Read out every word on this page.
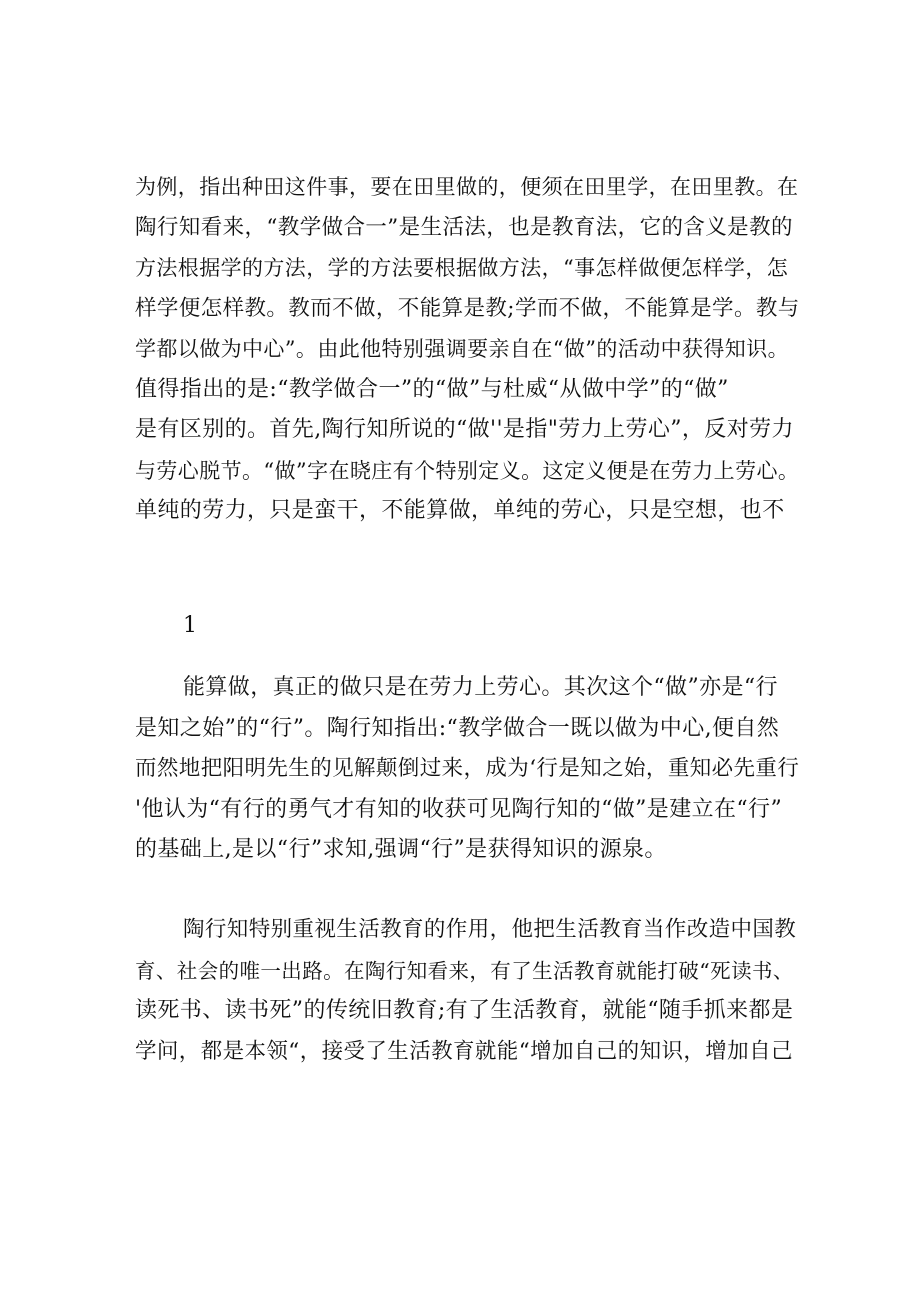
为例，指出种田这件事，要在田里做的，便须在田里学，在田里教。在
陶行知看来，“教学做合一”是生活法，也是教育法，它的含义是教的
方法根据学的方法，学的方法要根据做方法，“事怎样做便怎样学，怎
样学便怎样教。教而不做，不能算是教;学而不做，不能算是学。教与
学都以做为中心”。由此他特别强调要亲自在“做”的活动中获得知识。
值得指出的是:“教学做合一”的“做”与杜威“从做中学”的“做”
是有区别的。首先,陶行知所说的“做''是指"劳力上劳心”，反对劳力
与劳心脱节。“做”字在晓庄有个特别定义。这定义便是在劳力上劳心。
单纯的劳力，只是蛮干，不能算做，单纯的劳心，只是空想，也不
1
能算做，真正的做只是在劳力上劳心。其次这个“做”亦是“行
是知之始”的“行”。陶行知指出:“教学做合一既以做为中心,便自然
而然地把阳明先生的见解颠倒过来，成为‘行是知之始，重知必先重行
'他认为“有行的勇气才有知的收获可见陶行知的“做”是建立在“行”
的基础上,是以“行”求知,强调“行”是获得知识的源泉。
陶行知特别重视生活教育的作用，他把生活教育当作改造中国教
育、社会的唯一出路。在陶行知看来，有了生活教育就能打破“死读书、
读死书、读书死”的传统旧教育;有了生活教育，就能“随手抓来都是
学问，都是本领“，接受了生活教育就能“增加自己的知识，增加自己
